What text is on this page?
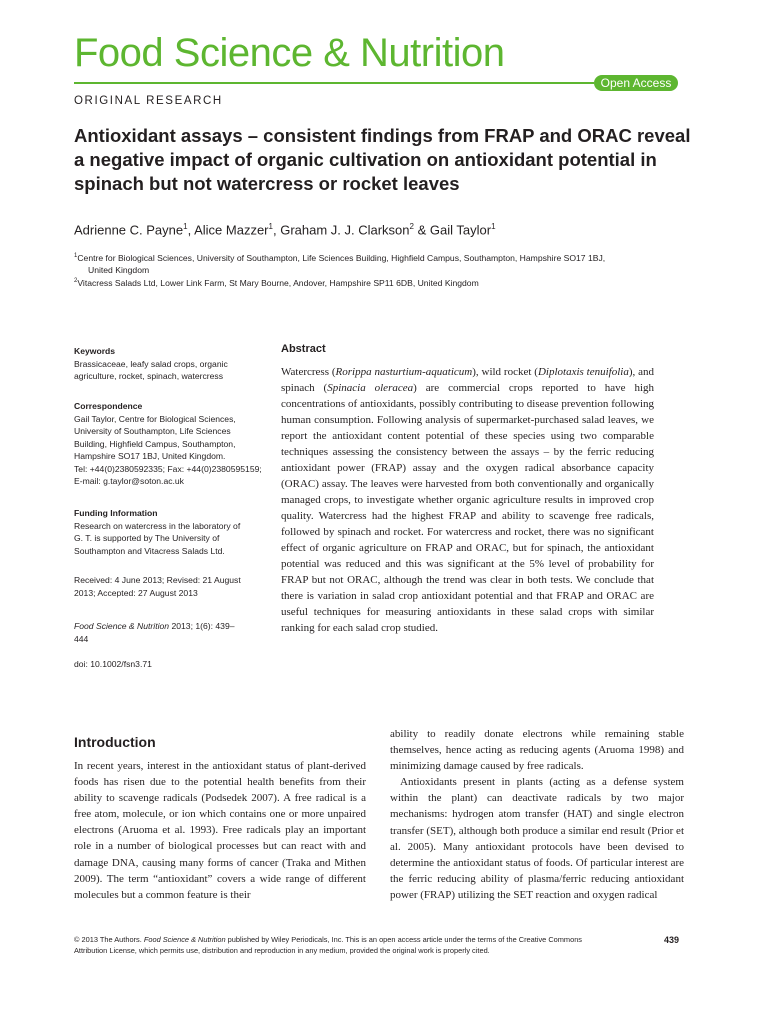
Food Science & Nutrition
Open Access
ORIGINAL RESEARCH
Antioxidant assays – consistent findings from FRAP and ORAC reveal a negative impact of organic cultivation on antioxidant potential in spinach but not watercress or rocket leaves
Adrienne C. Payne$^1$, Alice Mazzer$^1$, Graham J. J. Clarkson$^2$ & Gail Taylor$^1$
$^1$Centre for Biological Sciences, University of Southampton, Life Sciences Building, Highfield Campus, Southampton, Hampshire SO17 1BJ,
United Kingdom
$^2$Vitacress Salads Ltd, Lower Link Farm, St Mary Bourne, Andover, Hampshire SP11 6DB, United Kingdom
Keywords
Brassicaceae, leafy salad crops, organic
agriculture, rocket, spinach, watercress
Correspondence
Gail Taylor, Centre for Biological Sciences,
University of Southampton, Life Sciences
Building, Highfield Campus, Southampton,
Hampshire SO17 1BJ, United Kingdom.
Tel: +44(0)2380592335; Fax: +44(0)2380595159;
E-mail: g.taylor@soton.ac.uk
Funding Information
Research on watercress in the laboratory of
G. T. is supported by The University of
Southampton and Vitacress Salads Ltd.
Received: 4 June 2013; Revised: 21 August
2013; Accepted: 27 August 2013
Food Science & Nutrition 2013; 1(6): 439–
444
doi: 10.1002/fsn3.71
Abstract
Watercress (Rorippa nasturtium-aquaticum), wild rocket (Diplotaxis tenuifolia), and spinach (Spinacia oleracea) are commercial crops reported to have high concentrations of antioxidants, possibly contributing to disease prevention following human consumption. Following analysis of supermarket-purchased salad leaves, we report the antioxidant content potential of these species using two comparable techniques assessing the consistency between the assays – by the ferric reducing antioxidant power (FRAP) assay and the oxygen radical absorbance capacity (ORAC) assay. The leaves were harvested from both conventionally and organically managed crops, to investigate whether organic agriculture results in improved crop quality. Watercress had the highest FRAP and ability to scavenge free radicals, followed by spinach and rocket. For watercress and rocket, there was no significant effect of organic agriculture on FRAP and ORAC, but for spinach, the antioxidant potential was reduced and this was significant at the 5% level of probability for FRAP but not ORAC, although the trend was clear in both tests. We conclude that there is variation in salad crop antioxidant potential and that FRAP and ORAC are useful techniques for measuring antioxidants in these salad crops with similar ranking for each salad crop studied.
Introduction

In recent years, interest in the antioxidant status of plant-derived foods has risen due to the potential health benefits from their ability to scavenge radicals (Podsedek 2007). A free radical is a free atom, molecule, or ion which contains one or more unpaired electrons (Aruoma et al. 1993). Free radicals play an important role in a number of biological processes but can react with and damage DNA, causing many forms of cancer (Traka and Mithen 2009). The term “antioxidant” covers a wide range of different molecules but a common feature is their

ability to readily donate electrons while remaining stable themselves, hence acting as reducing agents (Aruoma 1998) and minimizing damage caused by free radicals.

Antioxidants present in plants (acting as a defense system within the plant) can deactivate radicals by two major mechanisms: hydrogen atom transfer (HAT) and single electron transfer (SET), although both produce a similar end result (Prior et al. 2005). Many antioxidant protocols have been devised to determine the antioxidant status of foods. Of particular interest are the ferric reducing ability of plasma/ferric reducing antioxidant power (FRAP) utilizing the SET reaction and oxygen radical

© 2013 The Authors. Food Science & Nutrition published by Wiley Periodicals, Inc. This is an open access article under the terms of the Creative Commons Attribution License, which permits use, distribution and reproduction in any medium, provided the original work is properly cited.
439
